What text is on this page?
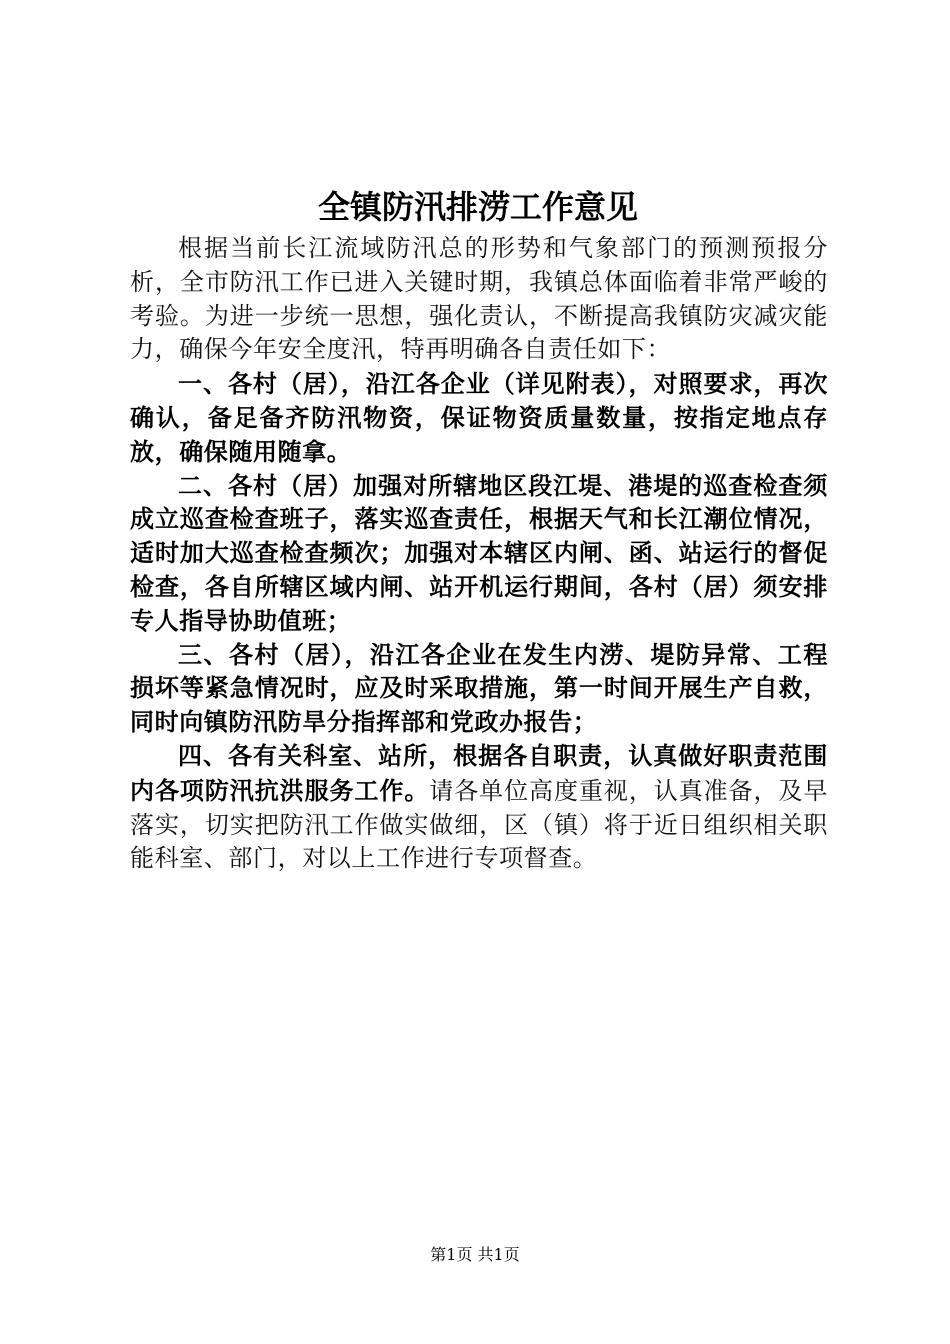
全镇防汛排涝工作意见

根据当前长江流域防汛总的形势和气象部门的预测预报分析，全市防汛工作已进入关键时期，我镇总体面临着非常严峻的考验。为进一步统一思想，强化责认，不断提高我镇防灾减灾能力，确保今年安全度汛，特再明确各自责任如下：

一、各村（居），沿江各企业（详见附表），对照要求，再次确认，备足备齐防汛物资，保证物资质量数量，按指定地点存放，确保随用随拿。

二、各村（居）加强对所辖地区段江堤、港堤的巡查检查须成立巡查检查班子，落实巡查责任，根据天气和长江潮位情况，适时加大巡查检查频次；加强对本辖区内闸、函、站运行的督促检查，各自所辖区域内闸、站开机运行期间，各村（居）须安排专人指导协助值班；

三、各村（居），沿江各企业在发生内涝、堤防异常、工程损坏等紧急情况时，应及时采取措施，第一时间开展生产自救，同时向镇防汛防旱分指挥部和党政办报告；

四、各有关科室、站所，根据各自职责，认真做好职责范围内各项防汛抗洪服务工作。请各单位高度重视，认真准备，及早落实，切实把防汛工作做实做细，区（镇）将于近日组织相关职能科室、部门，对以上工作进行专项督查。

第1页 共1页
